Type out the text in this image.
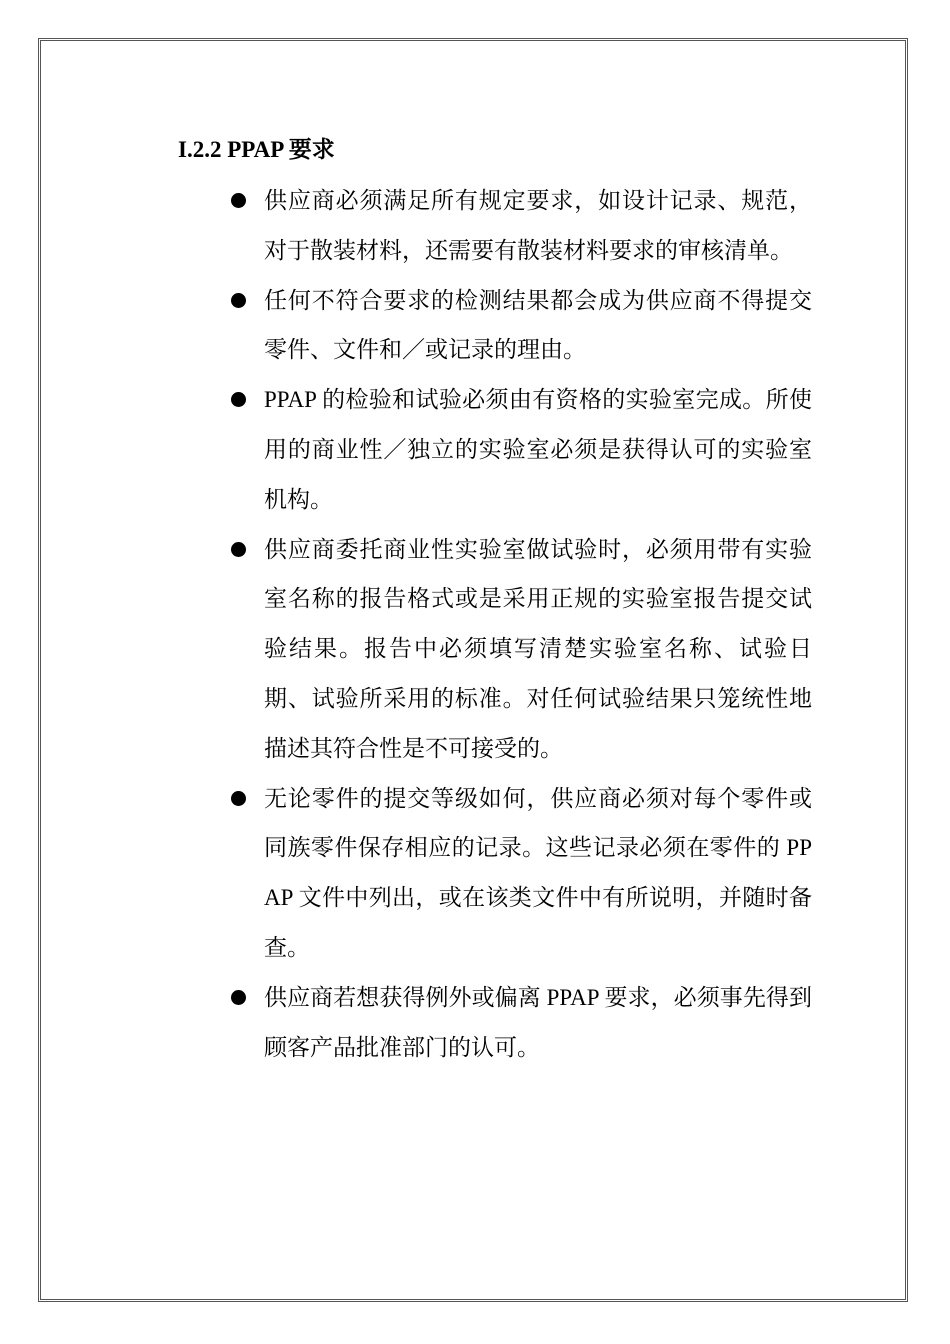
I.2.2 PPAP 要求
供应商必须满足所有规定要求，如设计记录、规范，对于散装材料，还需要有散装材料要求的审核清单。
任何不符合要求的检测结果都会成为供应商不得提交零件、文件和／或记录的理由。
PPAP 的检验和试验必须由有资格的实验室完成。所使用的商业性／独立的实验室必须是获得认可的实验室机构。
供应商委托商业性实验室做试验时，必须用带有实验室名称的报告格式或是采用正规的实验室报告提交试验结果。报告中必须填写清楚实验室名称、试验日期、试验所采用的标准。对任何试验结果只笼统性地描述其符合性是不可接受的。
无论零件的提交等级如何，供应商必须对每个零件或同族零件保存相应的记录。这些记录必须在零件的 PPAP 文件中列出，或在该类文件中有所说明，并随时备查。
供应商若想获得例外或偏离 PPAP 要求，必须事先得到顾客产品批准部门的认可。
